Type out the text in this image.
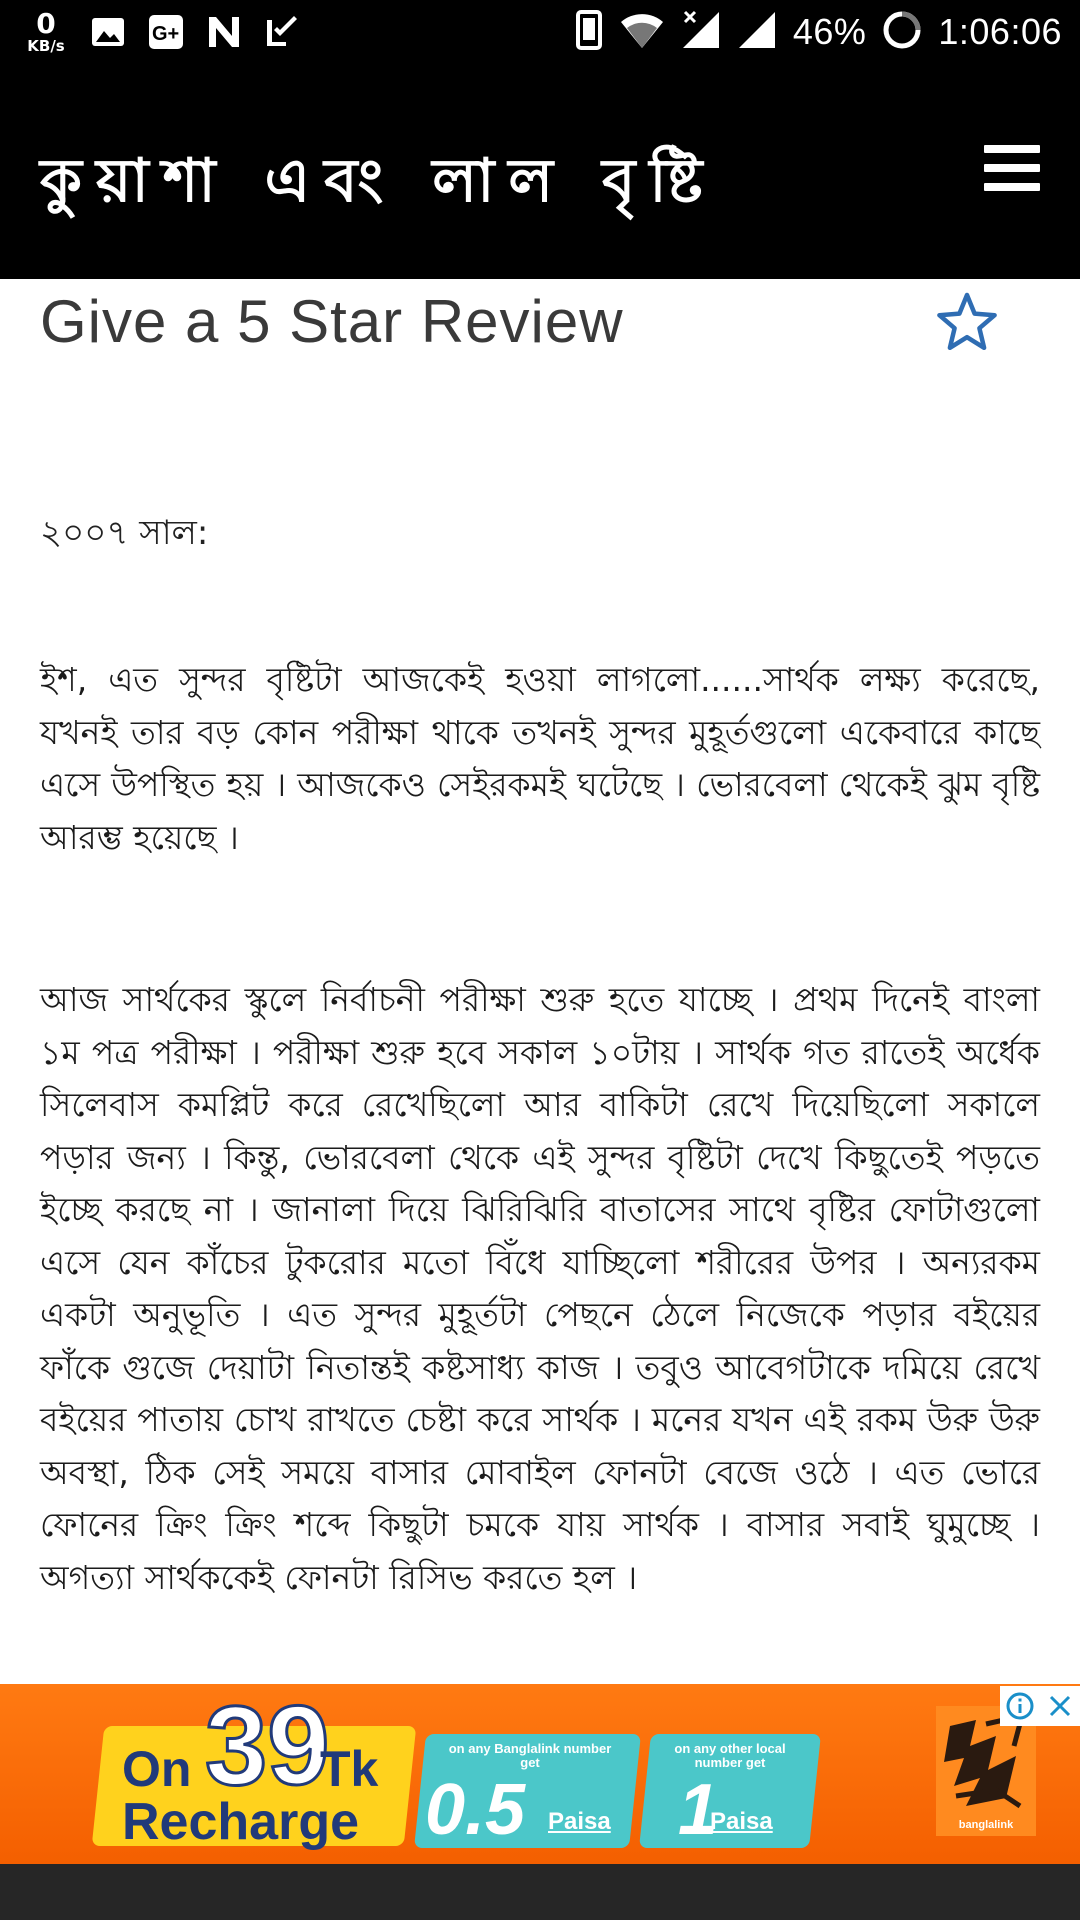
0
KB/s
G+	46% 1:06:06
কুয়াশা এবং লাল বৃষ্টি
Give a 5 Star Review
২০০৭ সাল:

ইশ, এত সুন্দর বৃষ্টিটা আজকেই হওয়া লাগলো......সার্থক লক্ষ্য করেছে, যখনই তার বড় কোন পরীক্ষা থাকে তখনই সুন্দর মুহূর্তগুলো একেবারে কাছে এসে উপস্থিত হয় । আজকেও সেইরকমই ঘটেছে । ভোরবেলা থেকেই ঝুম বৃষ্টি আরম্ভ হয়েছে ।

আজ সার্থকের স্কুলে নির্বাচনী পরীক্ষা শুরু হতে যাচ্ছে । প্রথম দিনেই বাংলা ১ম পত্র পরীক্ষা । পরীক্ষা শুরু হবে সকাল ১০টায় । সার্থক গত রাতেই অর্ধেক সিলেবাস কমপ্লিট করে রেখেছিলো আর বাকিটা রেখে দিয়েছিলো সকালে পড়ার জন্য । কিন্তু, ভোরবেলা থেকে এই সুন্দর বৃষ্টিটা দেখে কিছুতেই পড়তে ইচ্ছে করছে না । জানালা দিয়ে ঝিরিঝিরি বাতাসের সাথে বৃষ্টির ফোটাগুলো এসে যেন কাঁচের টুকরোর মতো বিঁধে যাচ্ছিলো শরীরের উপর । অন্যরকম একটা অনুভূতি । এত সুন্দর মুহূর্তটা পেছনে ঠেলে নিজেকে পড়ার বইয়ের ফাঁকে গুজে দেয়াটা নিতান্তই কষ্টসাধ্য কাজ । তবুও আবেগটাকে দমিয়ে রেখে বইয়ের পাতায় চোখ রাখতে চেষ্টা করে সার্থক । মনের যখন এই রকম উরু উরু অবস্থা, ঠিক সেই সময়ে বাসার মোবাইল ফোনটা বেজে ওঠে । এত ভোরে ফোনের ক্রিং ক্রিং শব্দে কিছুটা চমকে যায় সার্থক । বাসার সবাই ঘুমুচ্ছে । অগত্যা সার্থককেই ফোনটা রিসিভ করতে হল ।

On 39
Tk
Recharge
on any Banglalink number get
0.5 Paisa
on any other local number get
1
Paisa	banglalink
